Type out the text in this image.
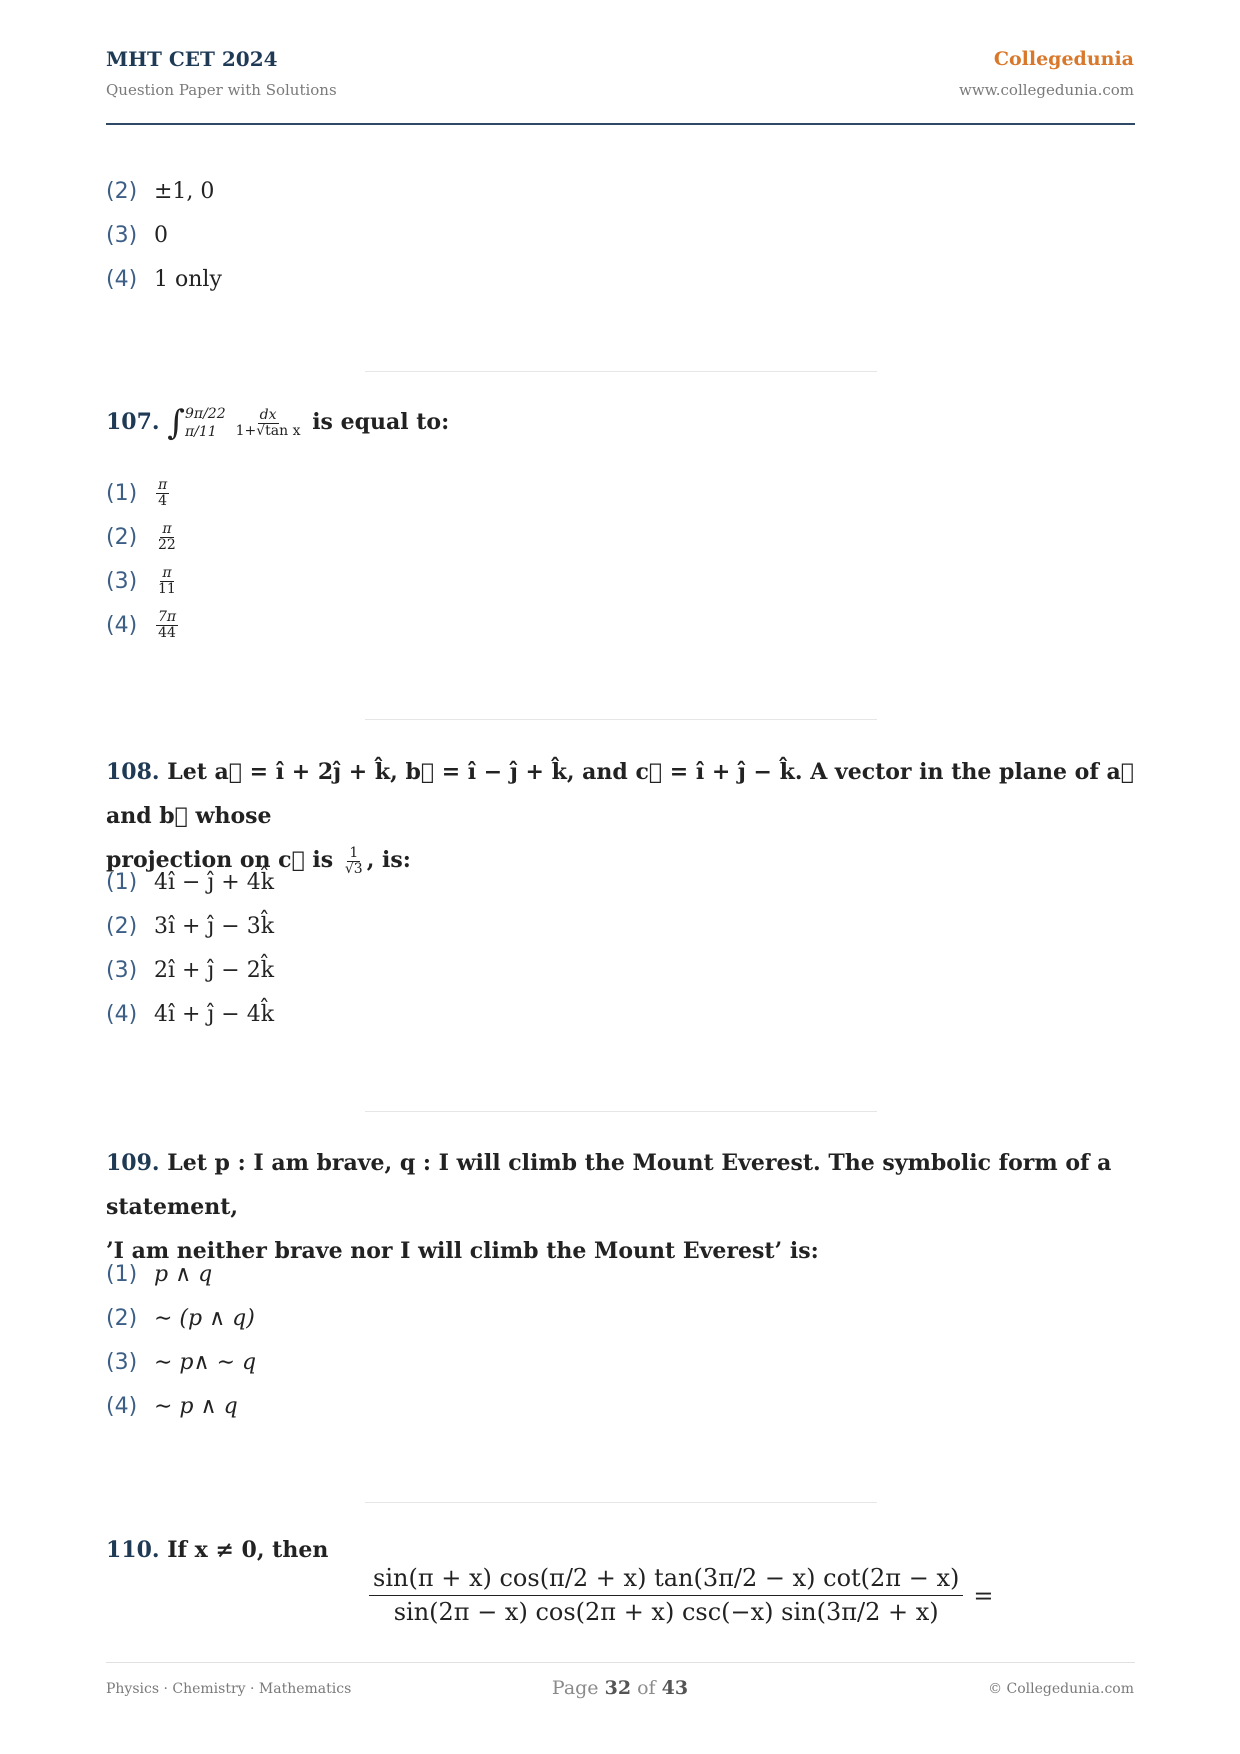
MHT CET 2024
Question Paper with Solutions
Collegedunia
www.collegedunia.com
(2) ±1, 0
(3) 0
(4) 1 only
107. ∫ 9π/22
π/11	$\frac{dx}{\text{1+√tan x}}$ is equal to:
(1)	$\frac{\pi}{4}$
(2)	$\frac{\pi}{22}$
(3)	$\frac{\pi}{11}$
(4)	$\frac{7\pi}{44}$
108. Let a⃗ = î + 2ĵ + k̂, b⃗ = î − ĵ + k̂, and c⃗ = î + ĵ − k̂. A vector in the plane of a⃗ and b⃗ whose
projection on c⃗ is $\frac{1}{√3}$ , is:
(1) 4î − ĵ + 4k̂
(2) 3î + ĵ − 3k̂
(3) 2î + ĵ − 2k̂
(4) 4î + ĵ − 4k̂
109. Let p : I am brave, q : I will climb the Mount Everest. The symbolic form of a statement,
’I am neither brave nor I will climb the Mount Everest’ is:
(1) p ∧ q
(2) ∼ (p ∧ q)
(3) ∼ p∧ ∼ q
(4) ∼ p ∧ q
110. If x ≠ 0, then
$\frac{\sin(\pi + x) \cos(\pi/2 + x) \tan(3\pi/2 - x) \cot(2\pi - x)}{\sin(2\pi - x) \cos(2\pi + x) \csc(-x) \sin(3\pi/2 + x)}$ =
Physics · Chemistry · Mathematics	Page 32 of 43	© Collegedunia.com
